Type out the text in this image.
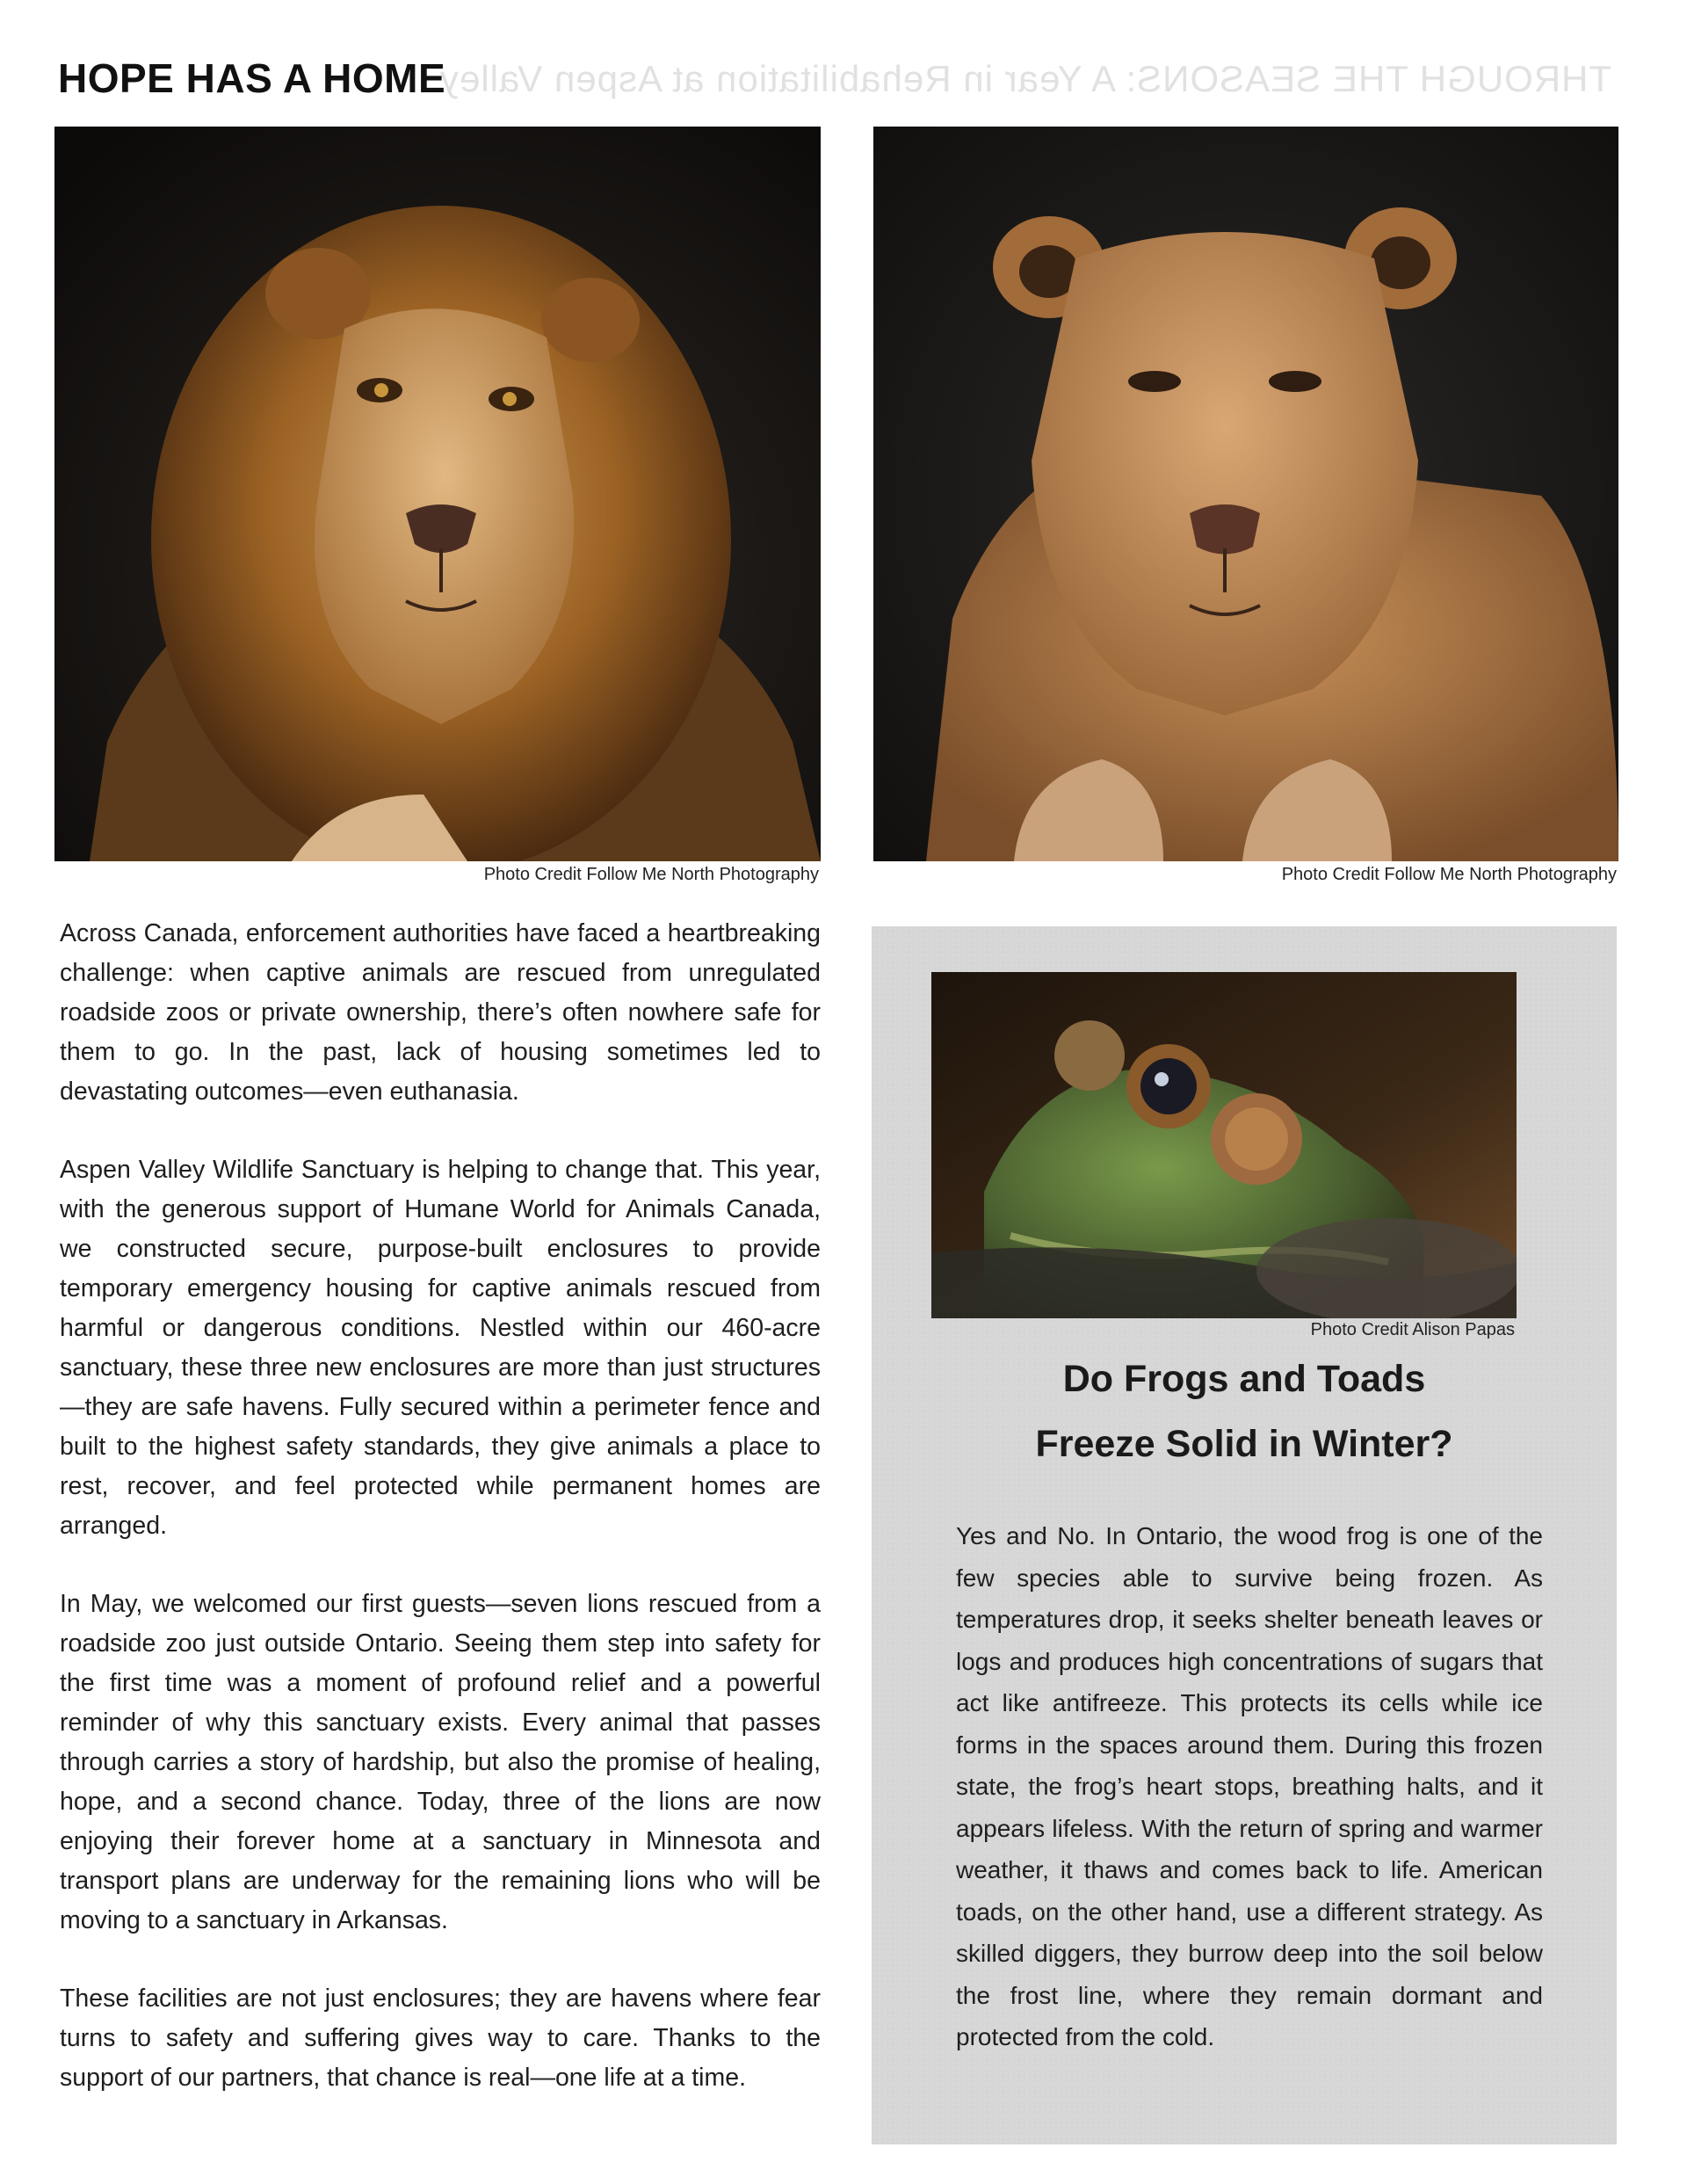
THROUGH THE SEASONS: A Year in Rehabilitation at Aspen Valley
HOPE HAS A HOME
Photo Credit Follow Me North Photography	Photo Credit Follow Me North Photography

Across Canada, enforcement authorities have faced a heartbreaking challenge: when captive animals are rescued from unregulated roadside zoos or private ownership, there’s often nowhere safe for them to go. In the past, lack of housing sometimes led to devastating outcomes—even euthanasia.

Aspen Valley Wildlife Sanctuary is helping to change that. This year, with the generous support of Humane World for Animals Canada, we constructed secure, purpose-built enclosures to provide temporary emergency housing for captive animals rescued from harmful or dangerous conditions. Nestled within our 460-acre sanctuary, these three new enclosures are more than just structures—they are safe havens. Fully secured within a perimeter fence and built to the highest safety standards, they give animals a place to rest, recover, and feel protected while permanent homes are arranged.

In May, we welcomed our first guests—seven lions rescued from a roadside zoo just outside Ontario. Seeing them step into safety for the first time was a moment of profound relief and a powerful reminder of why this sanctuary exists. Every animal that passes through carries a story of hardship, but also the promise of healing, hope, and a second chance. Today, three of the lions are now enjoying their forever home at a sanctuary in Minnesota and transport plans are underway for the remaining lions who will be moving to a sanctuary in Arkansas.

These facilities are not just enclosures; they are havens where fear turns to safety and suffering gives way to care. Thanks to the support of our partners, that chance is real—one life at a time.

Photo Credit Alison Papas
Do Frogs and Toads
Freeze Solid in Winter?
Yes and No. In Ontario, the wood frog is one of the few species able to survive being frozen. As temperatures drop, it seeks shelter beneath leaves or logs and produces high concentrations of sugars that act like antifreeze. This protects its cells while ice forms in the spaces around them. During this frozen state, the frog’s heart stops, breathing halts, and it appears lifeless. With the return of spring and warmer weather, it thaws and comes back to life. American toads, on the other hand, use a different strategy. As skilled diggers, they burrow deep into the soil below the frost line, where they remain dormant and protected from the cold.
